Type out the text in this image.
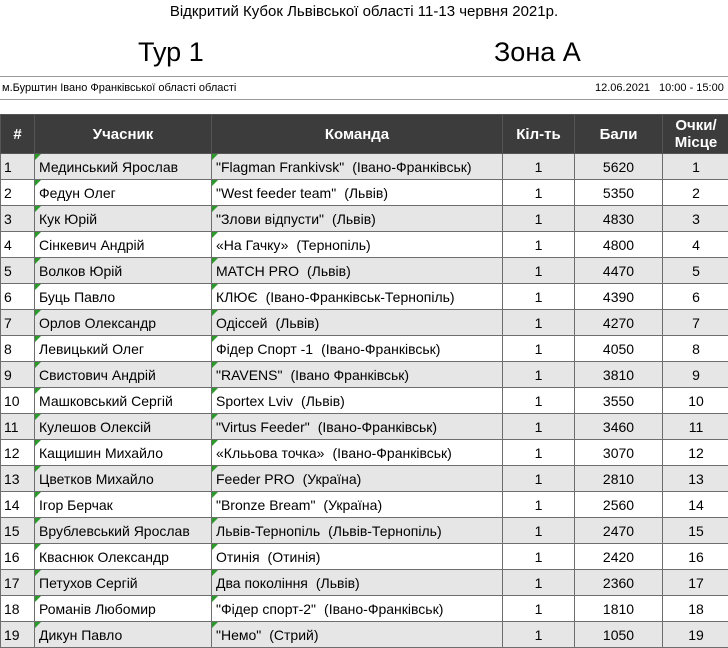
Відкритий Кубок Львівської області 11-13 червня 2021р.
Тур 1	Зона А
м.Бурштин Івано Франківської області області	12.06.2021 10:00 - 15:00
#	Учасник	Команда	Кіл-ть	Бали	Очки/
Місце
1	Мединський Ярослав	"Flagman Frankivsk" (Івано-Франківськ)	1	5620	1
2	Федун Олег	"West feeder team" (Львів)	1	5350	2
3	Кук Юрій	"Злови відпусти" (Львів)	1	4830	3
4	Сінкевич Андрій	«На Гачку» (Тернопіль)	1	4800	4
5	Волков Юрій	MATCH PRO (Львів)	1	4470	5
6	Буць Павло	КЛЮЄ (Івано-Франківськ-Тернопіль)	1	4390	6
7	Орлов Олександр	Одіссей (Львів)	1	4270	7
8	Левицький Олег	Фідер Спорт -1 (Івано-Франківськ)	1	4050	8
9	Свистович Андрій	"RAVENS" (Івано Франківськ)	1	3810	9
10	Машковський Сергій	Sportex Lviv (Львів)	1	3550	10
11	Кулешов Олексій	"Virtus Feeder" (Івано-Франківськ)	1	3460	11
12	Кащишин Михайло	«Клььова точка» (Івано-Франківськ)	1	3070	12
13	Цветков Михайло	Feeder PRO (Україна)	1	2810	13
14	Ігор Берчак	"Bronze Bream" (Україна)	1	2560	14
15	Врублевський Ярослав	Львів-Тернопіль (Львів-Тернопіль)	1	2470	15
16	Кваснюк Олександр	Отинія (Отинія)	1	2420	16
17	Петухов Сергій	Два покоління (Львів)	1	2360	17
18	Романів Любомир	"Фідер спорт-2" (Івано-Франківськ)	1	1810	18
19	Дикун Павло	"Немо" (Стрий)	1	1050	19
